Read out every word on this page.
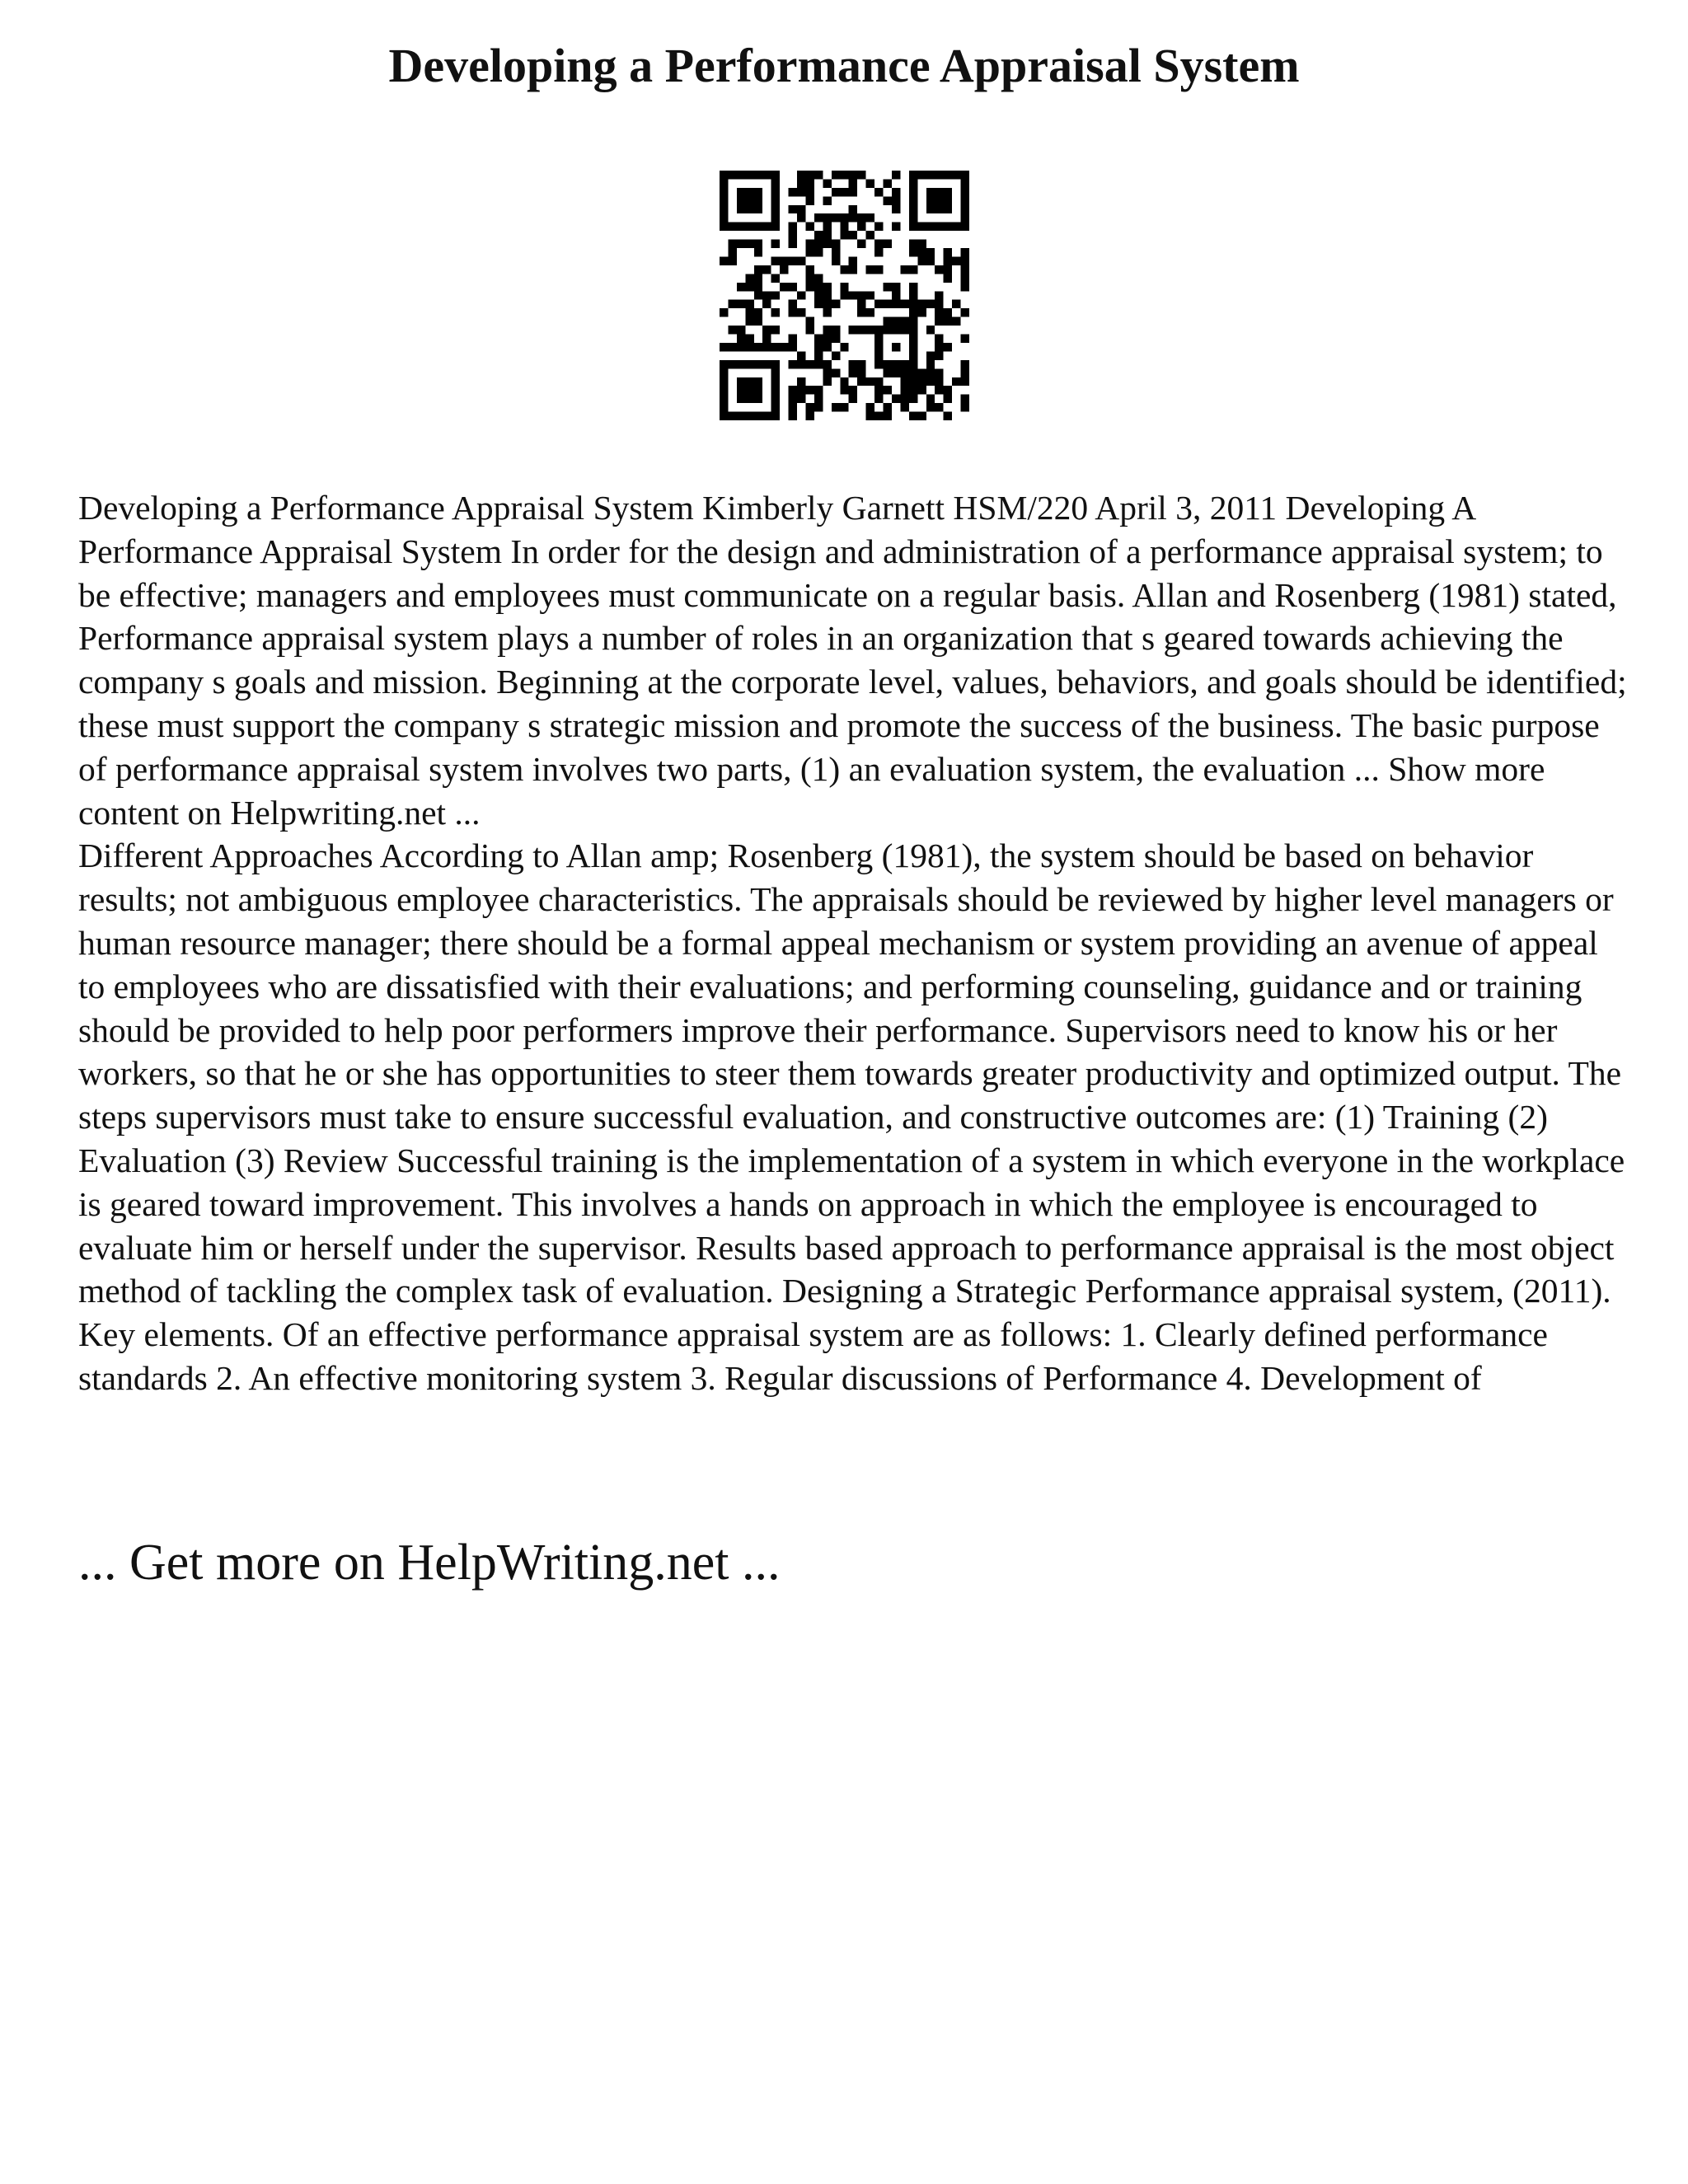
Developing a Performance Appraisal System

Developing a Performance Appraisal System Kimberly Garnett HSM/220 April 3, 2011 Developing A Performance Appraisal System In order for the design and administration of a performance appraisal system; to be effective; managers and employees must communicate on a regular basis. Allan and Rosenberg (1981) stated, Performance appraisal system plays a number of roles in an organization that s geared towards achieving the company s goals and mission. Beginning at the corporate level, values, behaviors, and goals should be identified; these must support the company s strategic mission and promote the success of the business. The basic purpose of performance appraisal system involves two parts, (1) an evaluation system, the evaluation ... Show more content on Helpwriting.net ...

Different Approaches According to Allan amp; Rosenberg (1981), the system should be based on behavior results; not ambiguous employee characteristics. The appraisals should be reviewed by higher level managers or human resource manager; there should be a formal appeal mechanism or system providing an avenue of appeal to employees who are dissatisfied with their evaluations; and performing counseling, guidance and or training should be provided to help poor performers improve their performance. Supervisors need to know his or her workers, so that he or she has opportunities to steer them towards greater productivity and optimized output. The steps supervisors must take to ensure successful evaluation, and constructive outcomes are: (1) Training (2) Evaluation (3) Review Successful training is the implementation of a system in which everyone in the workplace is geared toward improvement. This involves a hands on approach in which the employee is encouraged to evaluate him or herself under the supervisor. Results based approach to performance appraisal is the most object method of tackling the complex task of evaluation. Designing a Strategic Performance appraisal system, (2011). Key elements. Of an effective performance appraisal system are as follows: 1. Clearly defined performance standards 2. An effective monitoring system 3. Regular discussions of Performance 4. Development of

... Get more on HelpWriting.net ...
